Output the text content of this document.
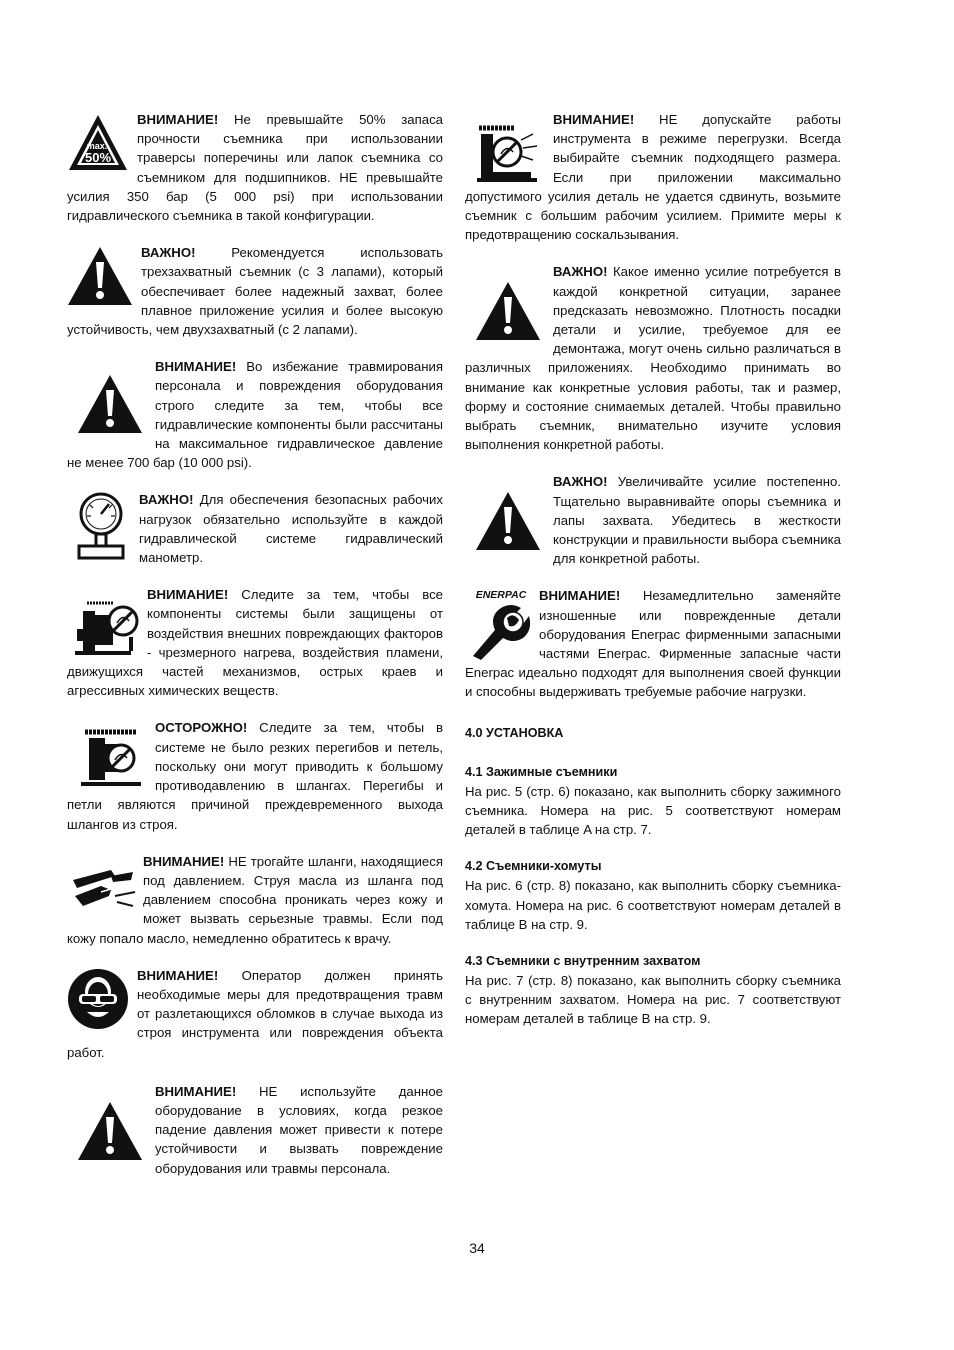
max.
50%

ВНИМАНИЕ! Не превышайте 50% запаса прочности съемника при использовании траверсы поперечины или лапок съемника со съемником для подшипников. НЕ превышайте усилия 350 бар (5 000 psi) при использовании гидравлического съемника в такой конфигурации.

ВАЖНО! Рекомендуется использовать трехзахватный съемник (с 3 лапами), который обеспечивает более надежный захват, более плавное приложение усилия и более высокую устойчивость, чем двухзахватный (с 2 лапами).

ВНИМАНИЕ! Во избежание травмирования персонала и повреждения оборудования строго следите за тем, чтобы все гидравлические компоненты были рассчитаны на максимальное гидравлическое давление не менее 700 бар (10 000 psi).

ВАЖНО! Для обеспечения безопасных рабочих нагрузок обязательно используйте в каждой гидравлической системе гидравлический манометр.

ВНИМАНИЕ! Следите за тем, чтобы все компоненты системы были защищены от воздействия внешних повреждающих факторов - чрезмерного нагрева, воздействия пламени, движущихся частей механизмов, острых краев и агрессивных химических веществ.

ОСТОРОЖНО! Следите за тем, чтобы в системе не было резких перегибов и петель, поскольку они могут приводить к большому противодавлению в шлангах. Перегибы и петли являются причиной преждевременного выхода шлангов из строя.

ВНИМАНИЕ! НЕ трогайте шланги, находящиеся под давлением. Струя масла из шланга под давлением способна проникать через кожу и может вызвать серьезные травмы. Если под кожу попало масло, немедленно обратитесь к врачу.

ВНИМАНИЕ! Оператор должен принять необходимые меры для предотвращения травм от разлетающихся обломков в случае выхода из строя инструмента или повреждения объекта работ.

ВНИМАНИЕ! НЕ используйте данное оборудование в условиях, когда резкое падение давления может привести к потере устойчивости и вызвать повреждение оборудования или травмы персонала.

ВНИМАНИЕ! НЕ допускайте работы инструмента в режиме перегрузки. Всегда выбирайте съемник подходящего размера. Если при приложении максимально допустимого усилия деталь не удается сдвинуть, возьмите съемник с большим рабочим усилием. Примите меры к предотвращению соскальзывания.

ВАЖНО! Какое именно усилие потребуется в каждой конкретной ситуации, заранее предсказать невозможно. Плотность посадки детали и усилие, требуемое для ее демонтажа, могут очень сильно различаться в различных приложениях. Необходимо принимать во внимание как конкретные условия работы, так и размер, форму и состояние снимаемых деталей. Чтобы правильно выбрать съемник, внимательно изучите условия выполнения конкретной работы.

ВАЖНО! Увеличивайте усилие постепенно. Тщательно выравнивайте опоры съемника и лапы захвата. Убедитесь в жесткости конструкции и правильности выбора съемника для конкретной работы.

ENERPAC ВНИМАНИЕ! Незамедлительно заменяйте изношенные или поврежденные детали оборудования Enerpac фирменными запасными частями Enerpac. Фирменные запасные части Enerpac идеально подходят для выполнения своей функции и способны выдерживать требуемые рабочие нагрузки.

4.0 УСТАНОВКА
4.1 Зажимные съемники

На рис. 5 (стр. 6) показано, как выполнить сборку зажимного съемника. Номера на рис. 5 соответствуют номерам деталей в таблице A на стр. 7.

4.2 Съемники-хомуты

На рис. 6 (стр. 8) показано, как выполнить сборку съемника-хомута. Номера на рис. 6 соответствуют номерам деталей в таблице B на стр. 9.

4.3 Съемники с внутренним захватом

На рис. 7 (стр. 8) показано, как выполнить сборку съемника с внутренним захватом. Номера на рис. 7 соответствуют номерам деталей в таблице B на стр. 9.

34
